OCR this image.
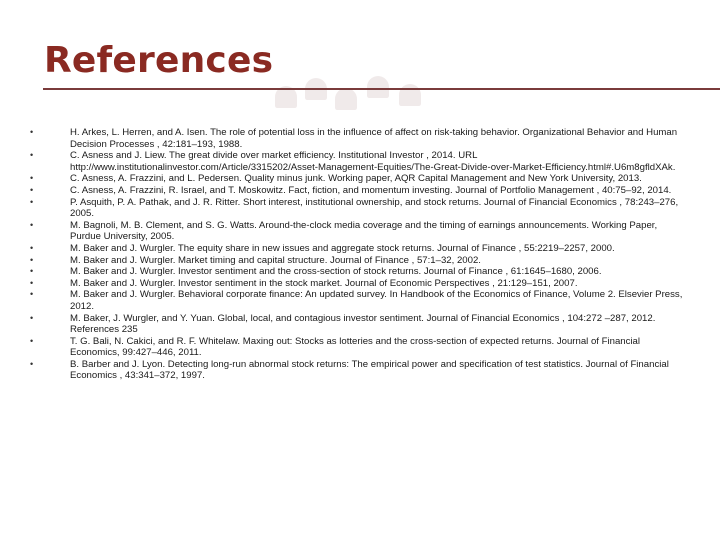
References
•	H. Arkes, L. Herren, and A. Isen. The role of potential loss in the influence of affect on risk-taking behavior. Organizational Behavior and Human Decision Processes , 42:181–193, 1988.
•	C. Asness and J. Liew. The great divide over market efficiency. Institutional Investor , 2014. URL http://www.institutionalinvestor.com/Article/3315202/Asset-Management-Equities/The-Great-Divide-over-Market-Efficiency.html#.U6m8gfldXAk.
•	C. Asness, A. Frazzini, and L. Pedersen. Quality minus junk. Working paper, AQR Capital Management and New York University, 2013.
•	C. Asness, A. Frazzini, R. Israel, and T. Moskowitz. Fact, fiction, and momentum investing. Journal of Portfolio Management , 40:75–92, 2014.
•	P. Asquith, P. A. Pathak, and J. R. Ritter. Short interest, institutional ownership, and stock returns. Journal of Financial Economics , 78:243–276, 2005.
•	M. Bagnoli, M. B. Clement, and S. G. Watts. Around-the-clock media coverage and the timing of earnings announcements. Working Paper, Purdue University, 2005.
•	M. Baker and J. Wurgler. The equity share in new issues and aggregate stock returns. Journal of Finance , 55:2219–2257, 2000.
•	M. Baker and J. Wurgler. Market timing and capital structure. Journal of Finance , 57:1–32, 2002.
•	M. Baker and J. Wurgler. Investor sentiment and the cross-section of stock returns. Journal of Finance , 61:1645–1680, 2006.
•	M. Baker and J. Wurgler. Investor sentiment in the stock market. Journal of Economic Perspectives , 21:129–151, 2007.
•	M. Baker and J. Wurgler. Behavioral corporate finance: An updated survey. In Handbook of the Economics of Finance, Volume 2. Elsevier Press, 2012.
•	M. Baker, J. Wurgler, and Y. Yuan. Global, local, and contagious investor sentiment. Journal of Financial Economics , 104:272 –287, 2012. References 235
•	T. G. Bali, N. Cakici, and R. F. Whitelaw. Maxing out: Stocks as lotteries and the cross-section of expected returns. Journal of Financial Economics, 99:427–446, 2011.
•	B. Barber and J. Lyon. Detecting long-run abnormal stock returns: The empirical power and specification of test statistics. Journal of Financial Economics , 43:341–372, 1997.
